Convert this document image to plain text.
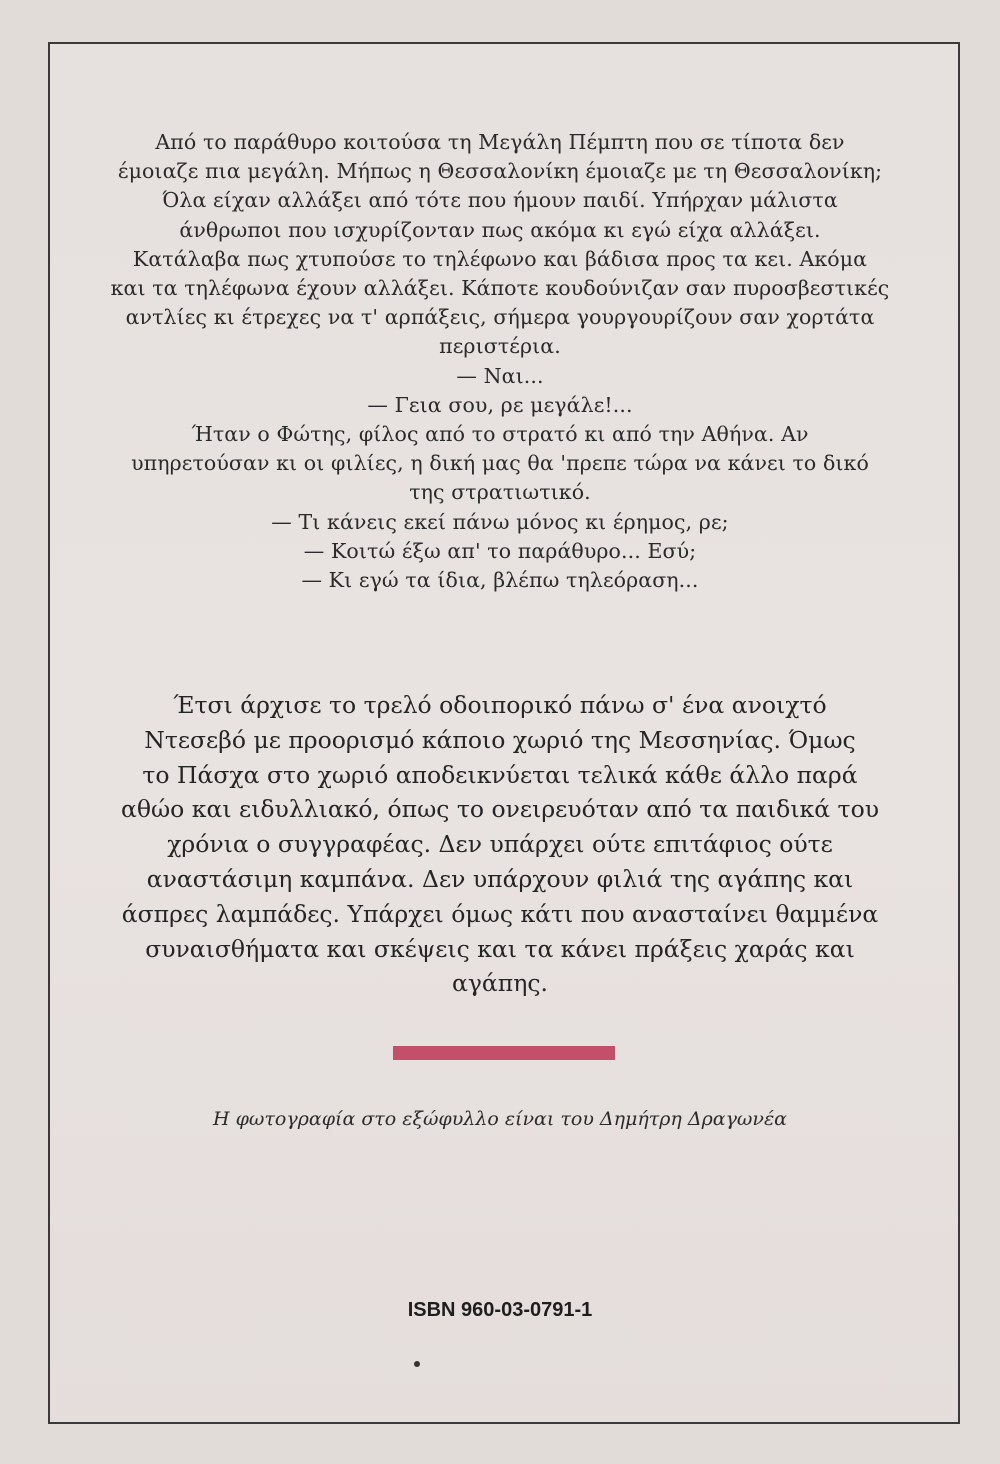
Από το παράθυρο κοιτούσα τη Μεγάλη Πέμπτη που σε τίποτα δεν
έμοιαζε πια μεγάλη. Μήπως η Θεσσαλονίκη έμοιαζε με τη Θεσσαλονίκη;
Όλα είχαν αλλάξει από τότε που ήμουν παιδί. Υπήρχαν μάλιστα
άνθρωποι που ισχυρίζονταν πως ακόμα κι εγώ είχα αλλάξει.
Κατάλαβα πως χτυπούσε το τηλέφωνο και βάδισα προς τα κει. Ακόμα
και τα τηλέφωνα έχουν αλλάξει. Κάποτε κουδούνιζαν σαν πυροσβεστικές
αντλίες κι έτρεχες να τ' αρπάξεις, σήμερα γουργουρίζουν σαν χορτάτα
περιστέρια.
— Ναι...
— Γεια σου, ρε μεγάλε!...
Ήταν ο Φώτης, φίλος από το στρατό κι από την Αθήνα. Αν
υπηρετούσαν κι οι φιλίες, η δική μας θα 'πρεπε τώρα να κάνει το δικό
της στρατιωτικό.
— Τι κάνεις εκεί πάνω μόνος κι έρημος, ρε;
— Κοιτώ έξω απ' το παράθυρο... Εσύ;
— Κι εγώ τα ίδια, βλέπω τηλεόραση...
Έτσι άρχισε το τρελό οδοιπορικό πάνω σ' ένα ανοιχτό
Ντεσεβό με προορισμό κάποιο χωριό της Μεσσηνίας. Όμως
το Πάσχα στο χωριό αποδεικνύεται τελικά κάθε άλλο παρά
αθώο και ειδυλλιακό, όπως το ονειρευόταν από τα παιδικά του
χρόνια ο συγγραφέας. Δεν υπάρχει ούτε επιτάφιος ούτε
αναστάσιμη καμπάνα. Δεν υπάρχουν φιλιά της αγάπης και
άσπρες λαμπάδες. Υπάρχει όμως κάτι που ανασταίνει θαμμένα
συναισθήματα και σκέψεις και τα κάνει πράξεις χαράς και
αγάπης.
Η φωτογραφία στο εξώφυλλο είναι του Δημήτρη Δραγωνέα
ISBN 960-03-0791-1
